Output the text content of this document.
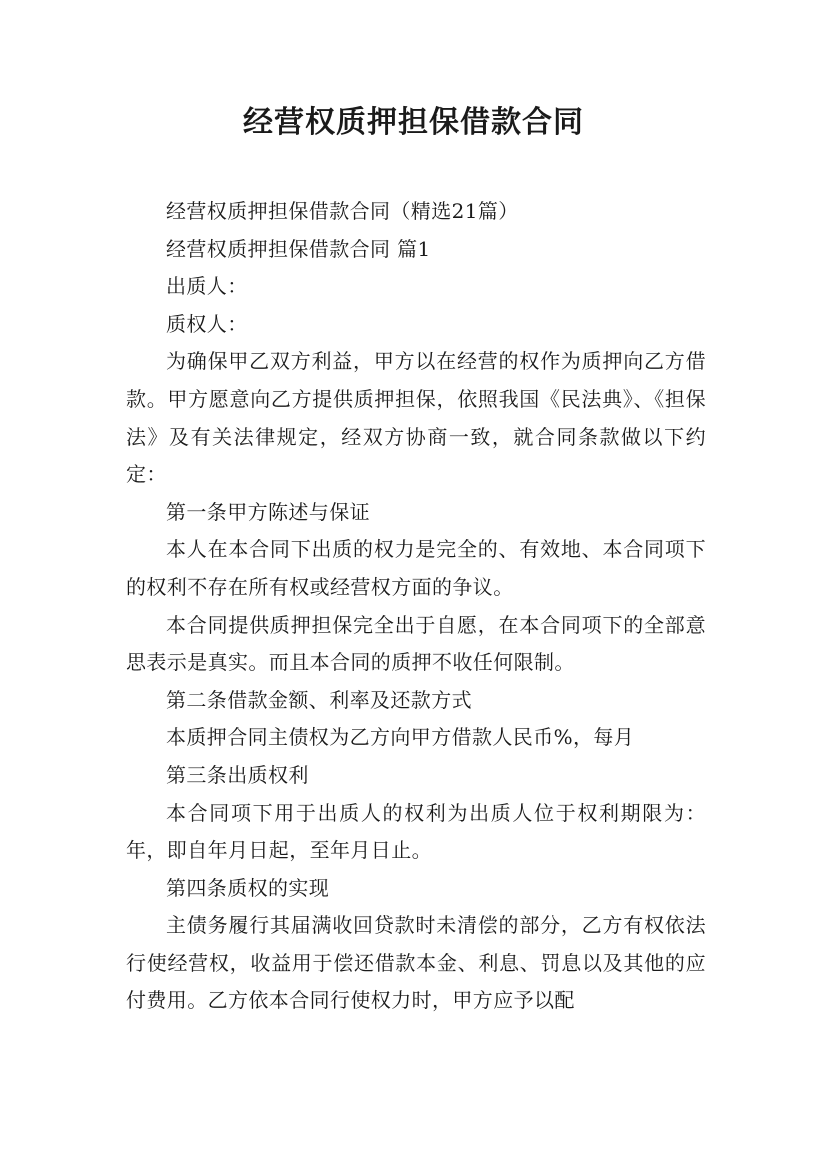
经营权质押担保借款合同

经营权质押担保借款合同（精选21篇）

经营权质押担保借款合同 篇1

出质人：

质权人：

为确保甲乙双方利益，甲方以在经营的权作为质押向乙方借款。甲方愿意向乙方提供质押担保，依照我国《民法典》、《担保法》及有关法律规定，经双方协商一致，就合同条款做以下约定：

第一条甲方陈述与保证

本人在本合同下出质的权力是完全的、有效地、本合同项下的权利不存在所有权或经营权方面的争议。

本合同提供质押担保完全出于自愿，在本合同项下的全部意思表示是真实。而且本合同的质押不收任何限制。

第二条借款金额、利率及还款方式

本质押合同主债权为乙方向甲方借款人民币%，每月

第三条出质权利

本合同项下用于出质人的权利为出质人位于权利期限为：年，即自年月日起，至年月日止。

第四条质权的实现

主债务履行其届满收回贷款时未清偿的部分，乙方有权依法行使经营权，收益用于偿还借款本金、利息、罚息以及其他的应付费用。乙方依本合同行使权力时，甲方应予以配
